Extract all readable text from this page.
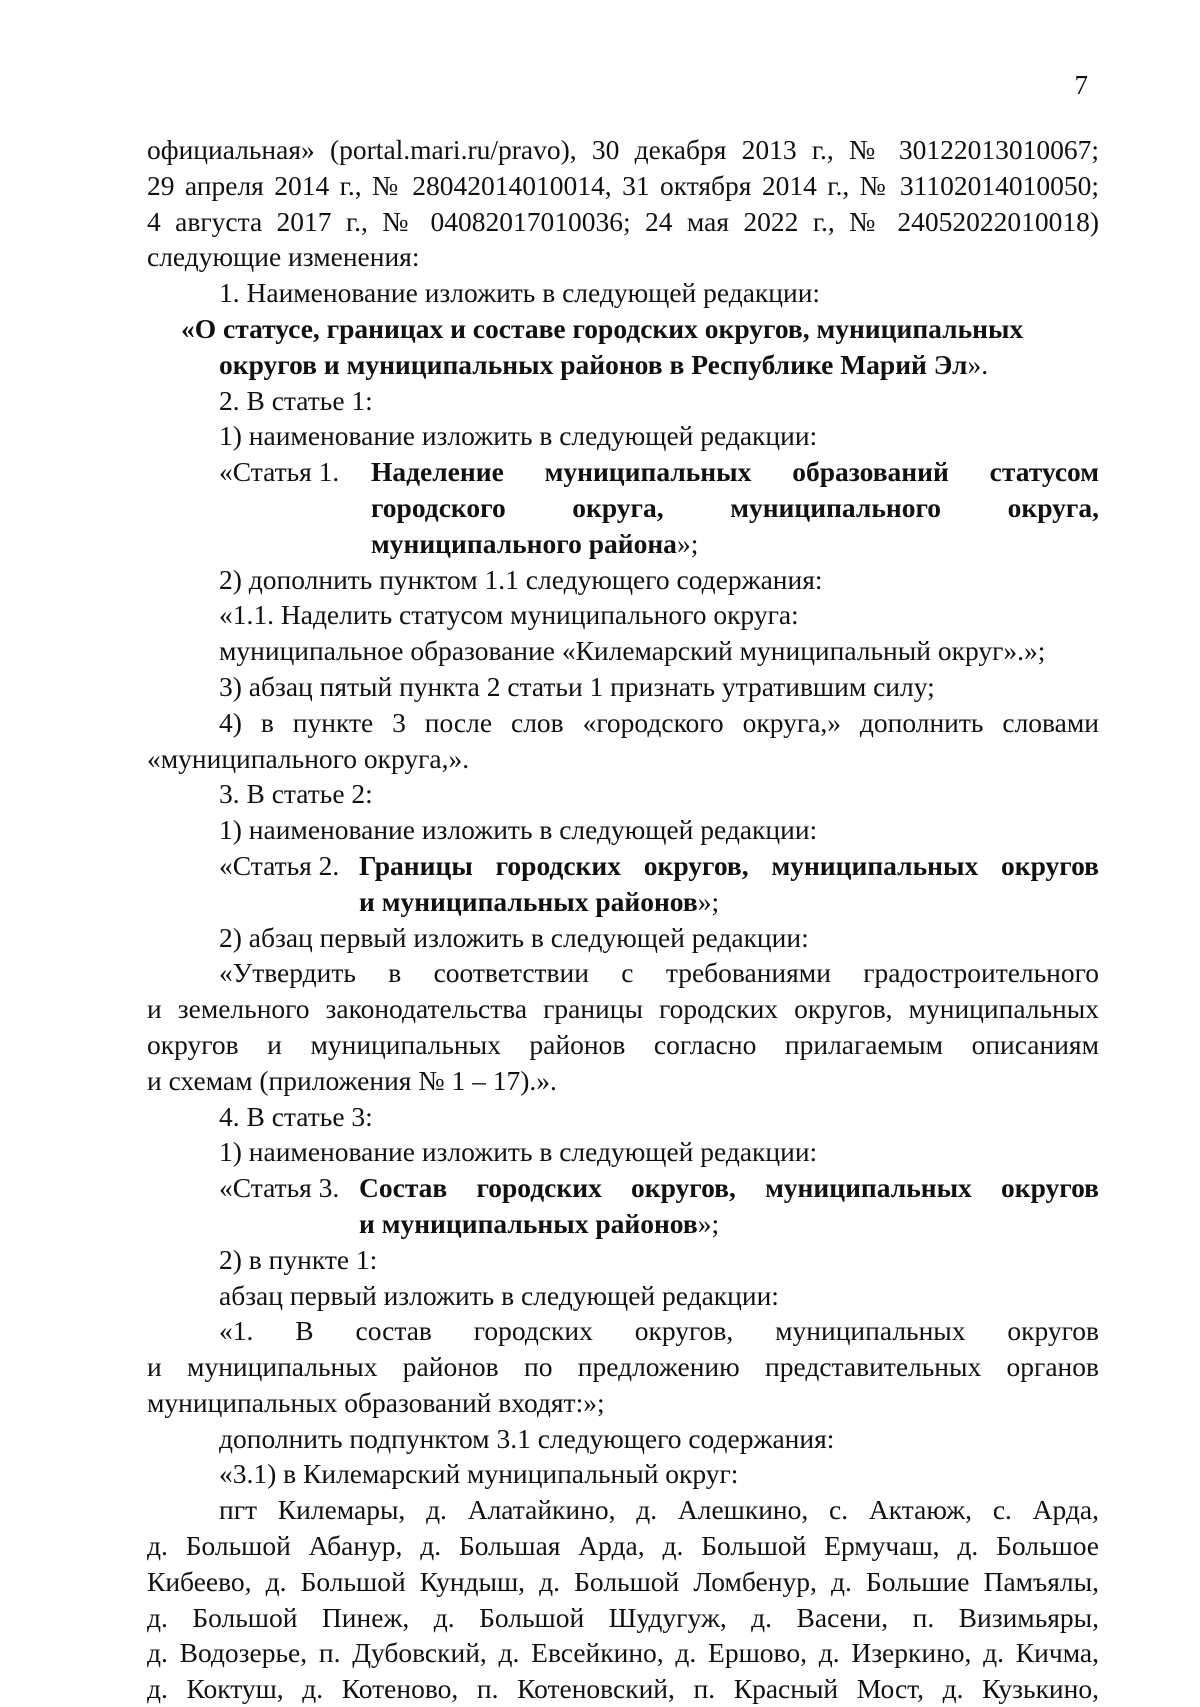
7
официальная» (portal.mari.ru/pravo), 30 декабря 2013 г., № 30122013010067;
29 апреля 2014 г., № 28042014010014, 31 октября 2014 г., № 31102014010050;
4 августа 2017 г., № 04082017010036; 24 мая 2022 г., № 24052022010018)
следующие изменения:
1. Наименование изложить в следующей редакции:
«О статусе, границах и составе городских округов, муниципальных
округов и муниципальных районов в Республике Марий Эл».
2. В статье 1:
1) наименование изложить в следующей редакции:
«Статья 1.	Наделение муниципальных образований статусом
городского округа, муниципального округа,
муниципального района»;
2) дополнить пунктом 1.1 следующего содержания:
«1.1. Наделить статусом муниципального округа:
муниципальное образование «Килемарский муниципальный округ».»;
3) абзац пятый пункта 2 статьи 1 признать утратившим силу;
4) в пункте 3 после слов «городского округа,» дополнить словами
«муниципального округа,».
3. В статье 2:
1) наименование изложить в следующей редакции:
«Статья 2. Границы городских округов, муниципальных округов
и муниципальных районов»;
2) абзац первый изложить в следующей редакции:
«Утвердить в соответствии с требованиями градостроительного
и земельного законодательства границы городских округов, муниципальных
округов и муниципальных районов согласно прилагаемым описаниям
и схемам (приложения № 1 – 17).».
4. В статье 3:
1) наименование изложить в следующей редакции:
«Статья 3. Состав городских округов, муниципальных округов
и муниципальных районов»;
2) в пункте 1:
абзац первый изложить в следующей редакции:
«1. В состав городских округов, муниципальных округов
и муниципальных районов по предложению представительных органов
муниципальных образований входят:»;
дополнить подпунктом 3.1 следующего содержания:
«3.1) в Килемарский муниципальный округ:
пгт Килемары, д. Алатайкино, д. Алешкино, с. Актаюж, с. Арда,
д. Большой Абанур, д. Большая Арда, д. Большой Ермучаш, д. Большое
Кибеево, д. Большой Кундыш, д. Большой Ломбенур, д. Большие Памъялы,
д. Большой Пинеж, д. Большой Шудугуж, д. Васени, п. Визимьяры,
д. Водозерье, п. Дубовский, д. Евсейкино, д. Ершово, д. Изеркино, д. Кичма,
д. Коктуш, д. Котеново, п. Котеновский, п. Красный Мост, д. Кузькино,
